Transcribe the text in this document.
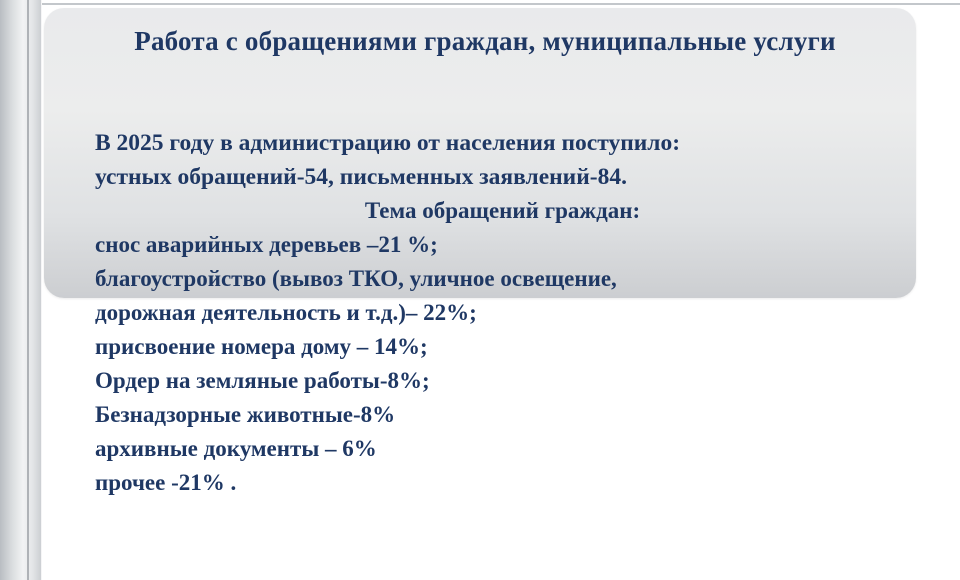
Работа с обращениями граждан, муниципальные услуги
В 2025 году в администрацию от населения поступило:
устных обращений-54, письменных заявлений-84.
Тема обращений граждан:
снос аварийных деревьев –21 %;
благоустройство (вывоз ТКО, уличное освещение,
дорожная деятельность и т.д.)– 22%;
присвоение номера дому – 14%;
Ордер на земляные работы-8%;
Безнадзорные животные-8%
архивные документы – 6%
прочее -21% .
